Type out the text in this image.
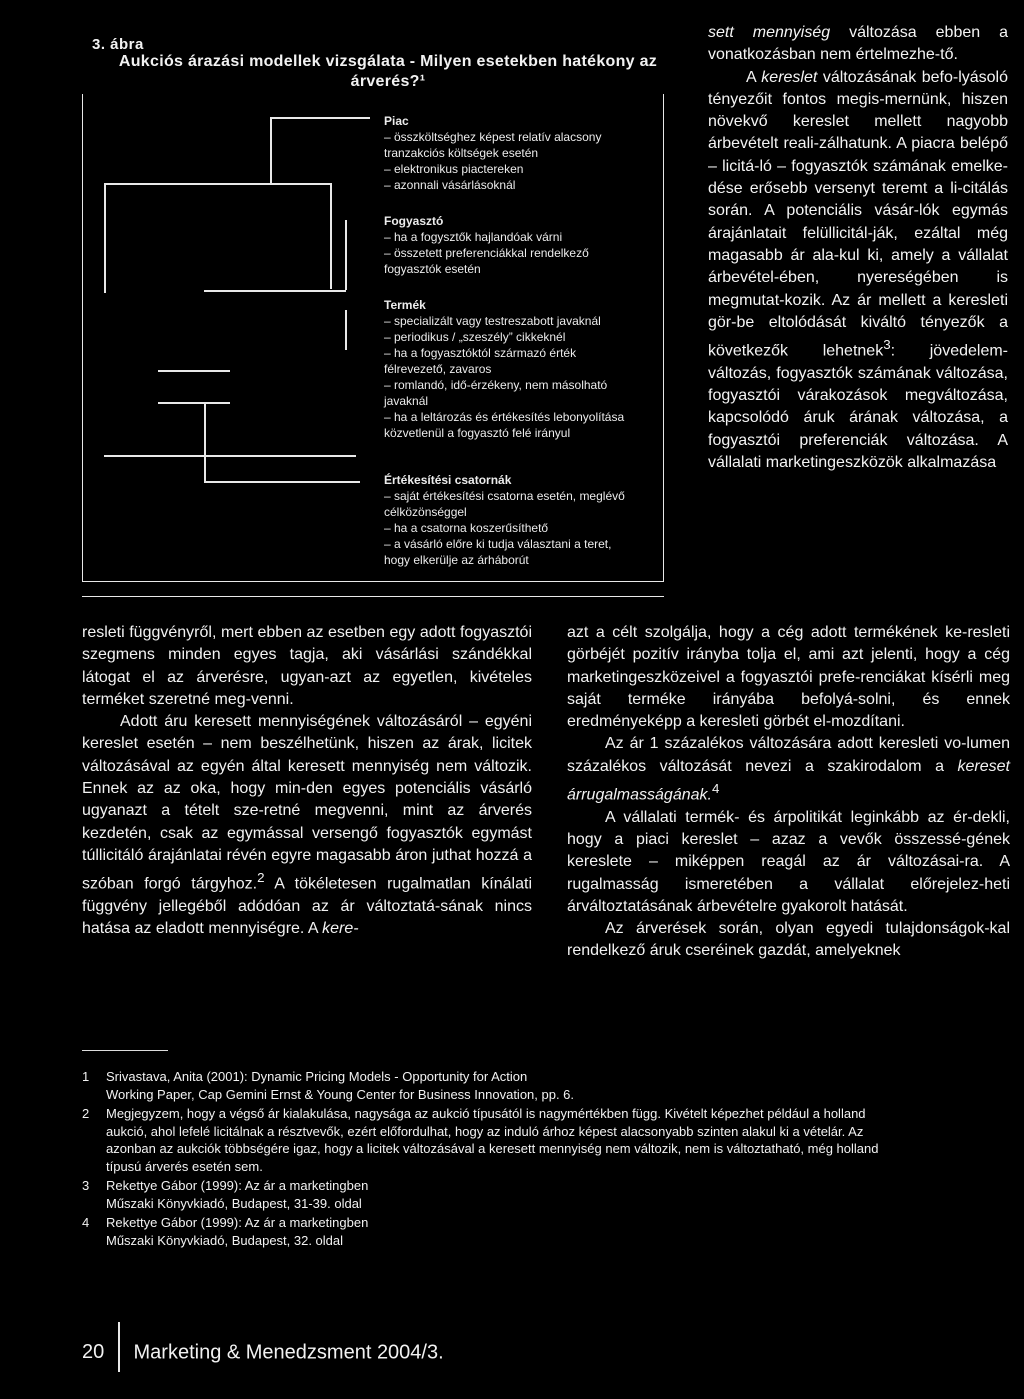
3. ábra
Aukciós árazási modellek vizsgálata - Milyen esetekben hatékony az árverés?¹
Piac
– összköltséghez képest relatív alacsony
tranzakciós költségek esetén
– elektronikus piactereken
– azonnali vásárlásoknál
Fogyasztó
– ha a fogysztők hajlandóak várni
– összetett preferenciákkal rendelkező
fogyasztók esetén
Termék
– specializált vagy testreszabott javaknál
– periodikus / „szeszély” cikkeknél
– ha a fogyasztóktól származó érték
félrevezető, zavaros
– romlandó, idő-érzékeny, nem másolható
javaknál
– ha a leltározás és értékesítés lebonyolítása
közvetlenül a fogyasztó felé irányul
Értékesítési csatornák
– saját értékesítési csatorna esetén, meglévő
célközönséggel
– ha a csatorna koszerűsíthető
– a vásárló előre ki tudja választani a teret,
hogy elkerülje az árháborút

sett mennyiség változása ebben a vonatkozásban nem értelmezhe-tő.

A kereslet változásának befo-lyásoló tényezőit fontos megis-mernünk, hiszen növekvő kereslet mellett nagyobb árbevételt reali-zálhatunk. A piacra belépő – licitá-ló – fogyasztók számának emelke-dése erősebb versenyt teremt a li-citálás során. A potenciális vásár-lók egymás árajánlatait felüllicitál-ják, ezáltal még magasabb ár ala-kul ki, amely a vállalat árbevétel-ében, nyereségében is megmutat-kozik. Az ár mellett a keresleti gör-be eltolódását kiváltó tényezők a következők lehetnek$^3$: jövedelem-változás, fogyasztók számának változása, fogyasztói várakozások megváltozása, kapcsolódó áruk árának változása, a fogyasztói preferenciák változása. A vállalati marketingeszközök alkalmazása

resleti függvényről, mert ebben az esetben egy adott fogyasztói szegmens minden egyes tagja, aki vásárlási szándékkal látogat el az árverésre, ugyan-azt az egyetlen, kivételes terméket szeretné meg-venni.

Adott áru keresett mennyiségének változásáról – egyéni kereslet esetén – nem beszélhetünk, hiszen az árak, licitek változásával az egyén által keresett mennyiség nem változik. Ennek az az oka, hogy min-den egyes potenciális vásárló ugyanazt a tételt sze-retné megvenni, mint az árverés kezdetén, csak az egymással versengő fogyasztók egymást túllicitáló árajánlatai révén egyre magasabb áron juthat hozzá a szóban forgó tárgyhoz.$^2$ A tökéletesen rugalmatlan kínálati függvény jellegéből adódóan az ár változtatá-sának nincs hatása az eladott mennyiségre. A kere-

azt a célt szolgálja, hogy a cég adott termékének ke-resleti görbéjét pozitív irányba tolja el, ami azt jelenti, hogy a cég marketingeszközeivel a fogyasztói prefe-renciákat kísérli meg saját terméke irányába befolyá-solni, és ennek eredményeképp a keresleti görbét el-mozdítani.

Az ár 1 százalékos változására adott keresleti vo-lumen százalékos változását nevezi a szakirodalom a kereset árrugalmasságának.$^4$

A vállalati termék- és árpolitikát leginkább az ér-dekli, hogy a piaci kereslet – azaz a vevők összessé-gének kereslete – miképpen reagál az ár változásai-ra. A rugalmasság ismeretében a vállalat előrejelez-heti árváltoztatásának árbevételre gyakorolt hatását.

Az árverések során, olyan egyedi tulajdonságok-kal rendelkező áruk cseréinek gazdát, amelyeknek

1	Srivastava, Anita (2001): Dynamic Pricing Models - Opportunity for Action
Working Paper, Cap Gemini Ernst & Young Center for Business Innovation, pp. 6.
2	Megjegyzem, hogy a végső ár kialakulása, nagysága az aukció típusától is nagymértékben függ. Kivételt képezhet például a holland
aukció, ahol lefelé licitálnak a résztvevők, ezért előfordulhat, hogy az induló árhoz képest alacsonyabb szinten alakul ki a vételár. Az
azonban az aukciók többségére igaz, hogy a licitek változásával a keresett mennyiség nem változik, nem is változtatható, még holland
típusú árverés esetén sem.
3	Rekettye Gábor (1999): Az ár a marketingben
Műszaki Könyvkiadó, Budapest, 31-39. oldal
4	Rekettye Gábor (1999): Az ár a marketingben
Műszaki Könyvkiadó, Budapest, 32. oldal
20 Marketing & Menedzsment 2004/3.
